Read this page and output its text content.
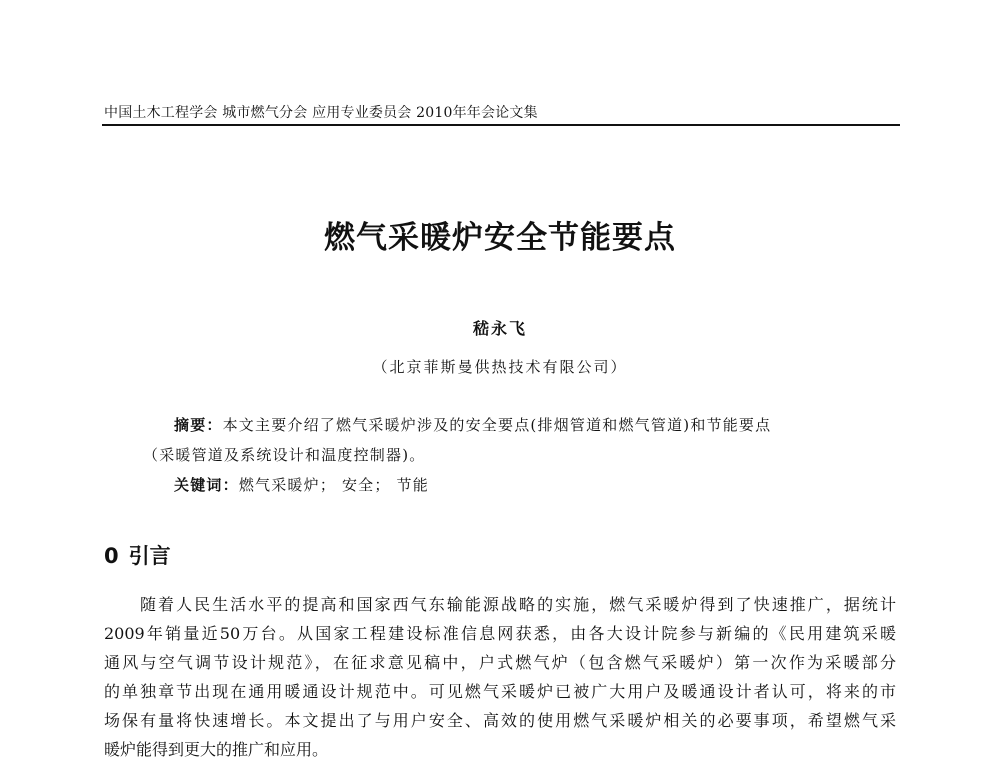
中国土木工程学会 城市燃气分会 应用专业委员会 2010年年会论文集
燃气采暖炉安全节能要点
嵇永飞
（北京菲斯曼供热技术有限公司）
摘要：本文主要介绍了燃气采暖炉涉及的安全要点(排烟管道和燃气管道)和节能要点
（采暖管道及系统设计和温度控制器)。
关键词：燃气采暖炉； 安全； 节能
0 引言
随着人民生活水平的提高和国家西气东输能源战略的实施，燃气采暖炉得到了快速推广，据统计
2009年销量近50万台。从国家工程建设标准信息网获悉，由各大设计院参与新编的《民用建筑采暖
通风与空气调节设计规范》，在征求意见稿中，户式燃气炉（包含燃气采暖炉）第一次作为采暖部分
的单独章节出现在通用暖通设计规范中。可见燃气采暖炉已被广大用户及暖通设计者认可，将来的市
场保有量将快速增长。本文提出了与用户安全、高效的使用燃气采暖炉相关的必要事项，希望燃气采
暖炉能得到更大的推广和应用。
